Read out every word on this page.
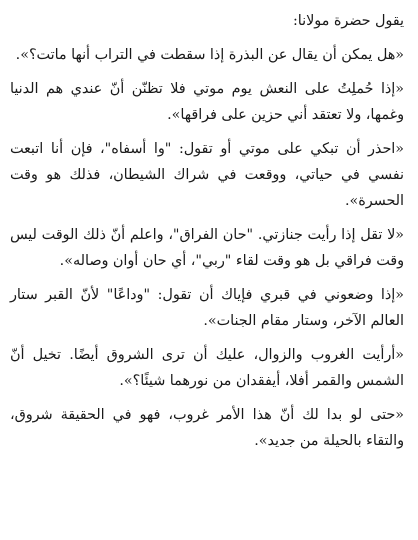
يقول حضرة مولانا:

«هل يمكن أن يقال عن البذرة إذا سقطت في التراب أنها ماتت؟».

«إذا حُملِتُ على النعش يوم موتي فلا تظنّن أنّ عندي هم الدنيا وغمها، ولا تعتقد أني حزين على فراقها».

«احذر أن تبكي على موتي أو تقول: "وا أسفاه"، فإن أنا اتبعت نفسي في حياتي، ووقعت في شراك الشيطان، فذلك هو وقت الحسرة».

«لا تقل إذا رأيت جنازتي. "حان الفراق"، واعلم أنّ ذلك الوقت ليس وقت فراقي بل هو وقت لقاء "ربي"، أي حان أوان وصاله».

«إذا وضعوني في قبري فإياك أن تقول: "وداعًا" لأنّ القبر ستار العالم الآخر، وستار مقام الجنات».

«أرأيت الغروب والزوال، عليك أن ترى الشروق أيضًا. تخيل أنّ الشمس والقمر أفلا، أيفقدان من نورهما شيئًا؟».

«حتى لو بدا لك أنّ هذا الأمر غروب، فهو في الحقيقة شروق، والتقاء بالحيلة من جديد».
